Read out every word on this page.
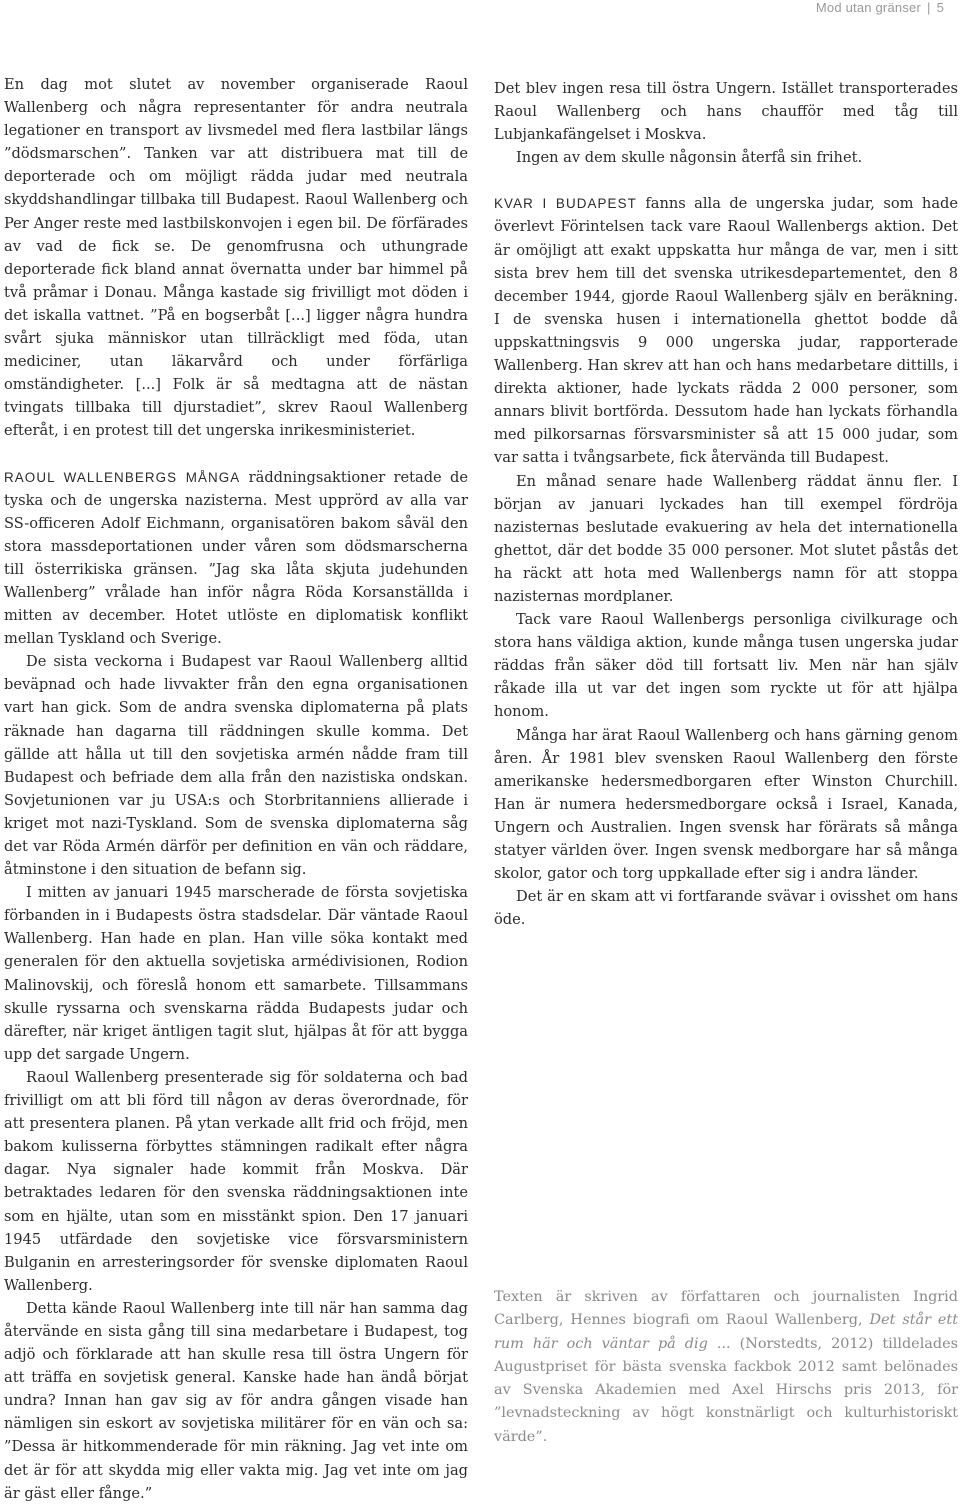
Mod utan gränser | 5

En dag mot slutet av november organiserade Raoul Wallenberg och några representanter för andra neutrala legationer en transport av livsmedel med flera lastbilar längs ”dödsmarschen”. Tanken var att distribuera mat till de deporterade och om möjligt rädda judar med neutrala skyddshandlingar tillbaka till Budapest. Raoul Wallenberg och Per Anger reste med lastbilskonvojen i egen bil. De förfärades av vad de fick se. De genomfrusna och uthungrade deporterade fick bland annat övernatta under bar himmel på två pråmar i Donau. Många kastade sig frivilligt mot döden i det iskalla vattnet. ”På en bogserbåt [...] ligger några hundra svårt sjuka människor utan tillräckligt med föda, utan mediciner, utan läkarvård och under förfärliga omständigheter. [...] Folk är så medtagna att de nästan tvingats tillbaka till djurstadiet”, skrev Raoul Wallenberg efteråt, i en protest till det ungerska inrikesministeriet.

RAOUL WALLENBERGS MÅNGA räddningsaktioner retade de tyska och de ungerska nazisterna. Mest upprörd av alla var SS-officeren Adolf Eichmann, organisatören bakom såväl den stora massdeportationen under våren som dödsmarscherna till österrikiska gränsen. ”Jag ska låta skjuta judehunden Wallenberg” vrålade han inför några Röda Korsanställda i mitten av december. Hotet utlöste en diplomatisk konflikt mellan Tyskland och Sverige.

De sista veckorna i Budapest var Raoul Wallenberg alltid beväpnad och hade livvakter från den egna organisationen vart han gick. Som de andra svenska diplomaterna på plats räknade han dagarna till räddningen skulle komma. Det gällde att hålla ut till den sovjetiska armén nådde fram till Budapest och befriade dem alla från den nazistiska ondskan. Sovjetunionen var ju USA:s och Storbritanniens allierade i kriget mot nazi-Tyskland. Som de svenska diplomaterna såg det var Röda Armén därför per definition en vän och räddare, åtminstone i den situation de befann sig.

I mitten av januari 1945 marscherade de första sovjetiska förbanden in i Budapests östra stadsdelar. Där väntade Raoul Wallenberg. Han hade en plan. Han ville söka kontakt med generalen för den aktuella sovjetiska armédivisionen, Rodion Malinovskij, och föreslå honom ett samarbete. Tillsammans skulle ryssarna och svenskarna rädda Budapests judar och därefter, när kriget äntligen tagit slut, hjälpas åt för att bygga upp det sargade Ungern.

Raoul Wallenberg presenterade sig för soldaterna och bad frivilligt om att bli förd till någon av deras överordnade, för att presentera planen. På ytan verkade allt frid och fröjd, men bakom kulisserna förbyttes stämningen radikalt efter några dagar. Nya signaler hade kommit från Moskva. Där betraktades ledaren för den svenska räddningsaktionen inte som en hjälte, utan som en misstänkt spion. Den 17 januari 1945 utfärdade den sovjetiske vice försvarsministern Bulganin en arresteringsorder för svenske diplomaten Raoul Wallenberg.

Detta kände Raoul Wallenberg inte till när han samma dag återvände en sista gång till sina medarbetare i Budapest, tog adjö och förklarade att han skulle resa till östra Ungern för att träffa en sovjetisk general. Kanske hade han ändå börjat undra? Innan han gav sig av för andra gången visade han nämligen sin eskort av sovjetiska militärer för en vän och sa: ”Dessa är hitkommenderade för min räkning. Jag vet inte om det är för att skydda mig eller vakta mig. Jag vet inte om jag är gäst eller fånge.”

Det blev ingen resa till östra Ungern. Istället transporterades Raoul Wallenberg och hans chaufför med tåg till Lubjankafängelset i Moskva.

Ingen av dem skulle någonsin återfå sin frihet.

KVAR I BUDAPEST fanns alla de ungerska judar, som hade överlevt Förintelsen tack vare Raoul Wallenbergs aktion. Det är omöjligt att exakt uppskatta hur många de var, men i sitt sista brev hem till det svenska utrikesdepartementet, den 8 december 1944, gjorde Raoul Wallenberg själv en beräkning. I de svenska husen i internationella ghettot bodde då uppskattningsvis 9 000 ungerska judar, rapporterade Wallenberg. Han skrev att han och hans medarbetare dittills, i direkta aktioner, hade lyckats rädda 2 000 personer, som annars blivit bortförda. Dessutom hade han lyckats förhandla med pilkorsarnas försvarsminister så att 15 000 judar, som var satta i tvångsarbete, fick återvända till Budapest.

En månad senare hade Wallenberg räddat ännu fler. I början av januari lyckades han till exempel fördröja nazisternas beslutade evakuering av hela det internationella ghettot, där det bodde 35 000 personer. Mot slutet påstås det ha räckt att hota med Wallenbergs namn för att stoppa nazisternas mordplaner.

Tack vare Raoul Wallenbergs personliga civilkurage och stora hans väldiga aktion, kunde många tusen ungerska judar räddas från säker död till fortsatt liv. Men när han själv råkade illa ut var det ingen som ryckte ut för att hjälpa honom.

Många har ärat Raoul Wallenberg och hans gärning genom åren. År 1981 blev svensken Raoul Wallenberg den förste amerikanske hedersmedborgaren efter Winston Churchill. Han är numera hedersmedborgare också i Israel, Kanada, Ungern och Australien. Ingen svensk har förärats så många statyer världen över. Ingen svensk medborgare har så många skolor, gator och torg uppkallade efter sig i andra länder.

Det är en skam att vi fortfarande svävar i ovisshet om hans öde.

Texten är skriven av författaren och journalisten Ingrid Carlberg, Hennes biografi om Raoul Wallenberg, Det står ett rum här och väntar på dig ... (Norstedts, 2012) tilldelades Augustpriset för bästa svenska fackbok 2012 samt belönades av Svenska Akademien med Axel Hirschs pris 2013, för ”levnadsteckning av högt konstnärligt och kulturhistoriskt värde”.
